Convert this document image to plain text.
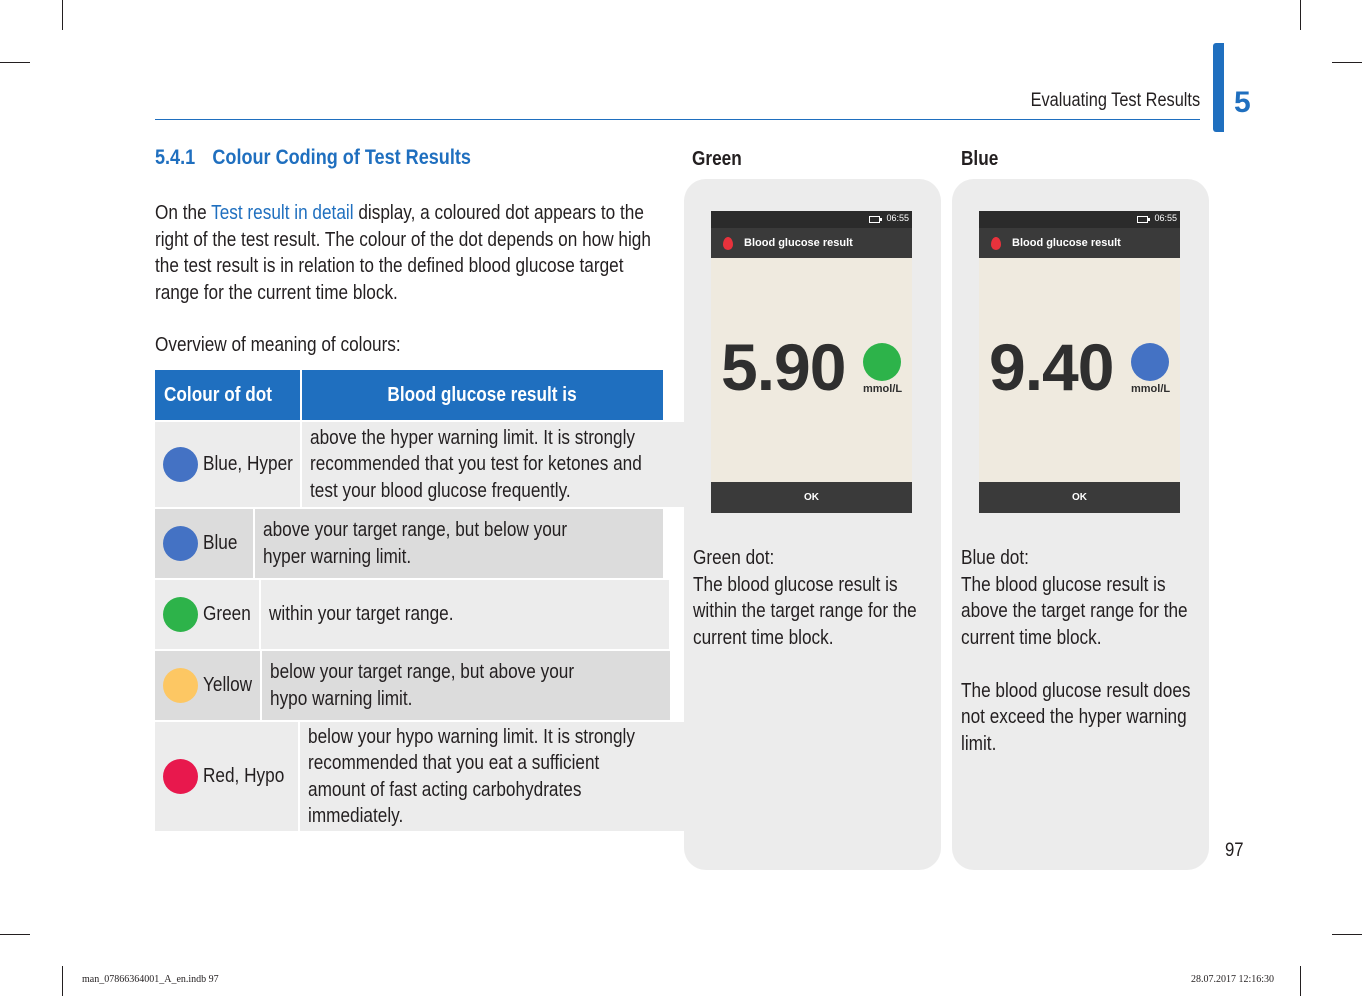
Evaluating Test Results 5
97
5.4.1 Colour Coding of Test Results
On the Test result in detail display, a coloured dot appears to the right of the test result. The colour of the dot depends on how high the test result is in relation to the defined blood glucose target range for the current time block.
Overview of meaning of colours:
Colour of dot	Blood glucose result is
Blue, Hyper
above the hyper warning limit. It is strongly recommended that you test for ketones and test your blood glucose frequently.
Blue
above your target range, but below your hyper warning limit.
Green within your target range.
Yellow
below your target range, but above your hypo warning limit.
Red, Hypo
below your hypo warning limit. It is strongly recommended that you eat a sufficient amount of fast acting carbohydrates immediately.
Green
06:55
Blood glucose result
5.90 mmol/L
OK
Green dot:
The blood glucose result is within the target range for the current time block.
Blue
06:55
Blood glucose result
9.40 mmol/L
OK
Blue dot:
The blood glucose result is above the target range for the current time block.

The blood glucose result does not exceed the hyper warning limit.
man_07866364001_A_en.indb 97	28.07.2017 12:16:30
